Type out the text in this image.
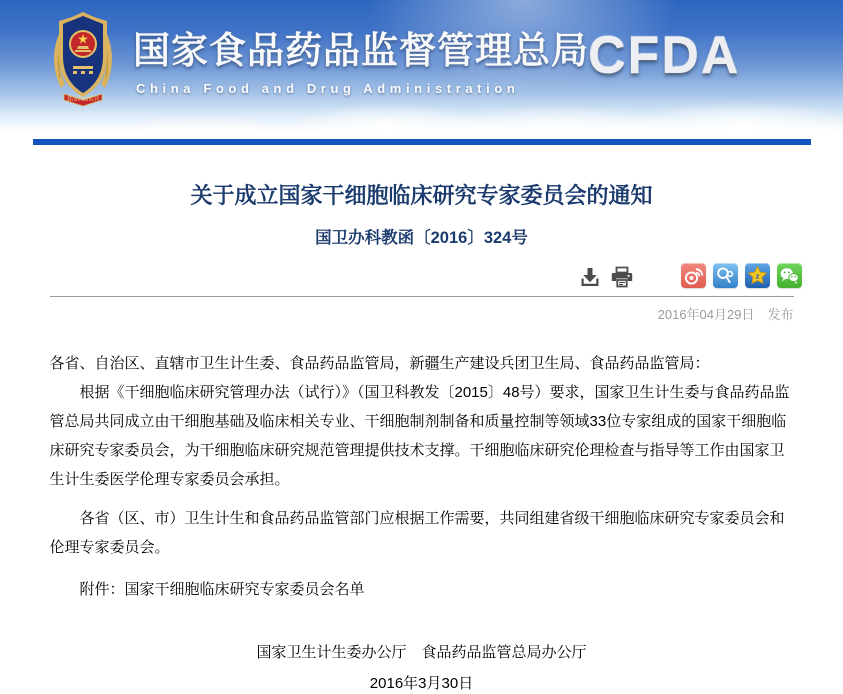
食品药品监管
国家食品药品监督管理总局
China Food and Drug Administration
CFDA
关于成立国家干细胞临床研究专家委员会的通知
国卫办科教函〔2016〕324号
z
2016年04月29日 发布

各省、自治区、直辖市卫生计生委、食品药品监管局，新疆生产建设兵团卫生局、食品药品监管局：

根据《干细胞临床研究管理办法（试行）》（国卫科教发〔2015〕48号）要求，国家卫生计生委与食品药品监管总局共同成立由干细胞基础及临床相关专业、干细胞制剂制备和质量控制等领域33位专家组成的国家干细胞临床研究专家委员会，为干细胞临床研究规范管理提供技术支撑。干细胞临床研究伦理检查与指导等工作由国家卫生计生委医学伦理专家委员会承担。

各省（区、市）卫生计生和食品药品监管部门应根据工作需要，共同组建省级干细胞临床研究专家委员会和伦理专家委员会。

附件：国家干细胞临床研究专家委员会名单

国家卫生计生委办公厅　食品药品监管总局办公厅
2016年3月30日
